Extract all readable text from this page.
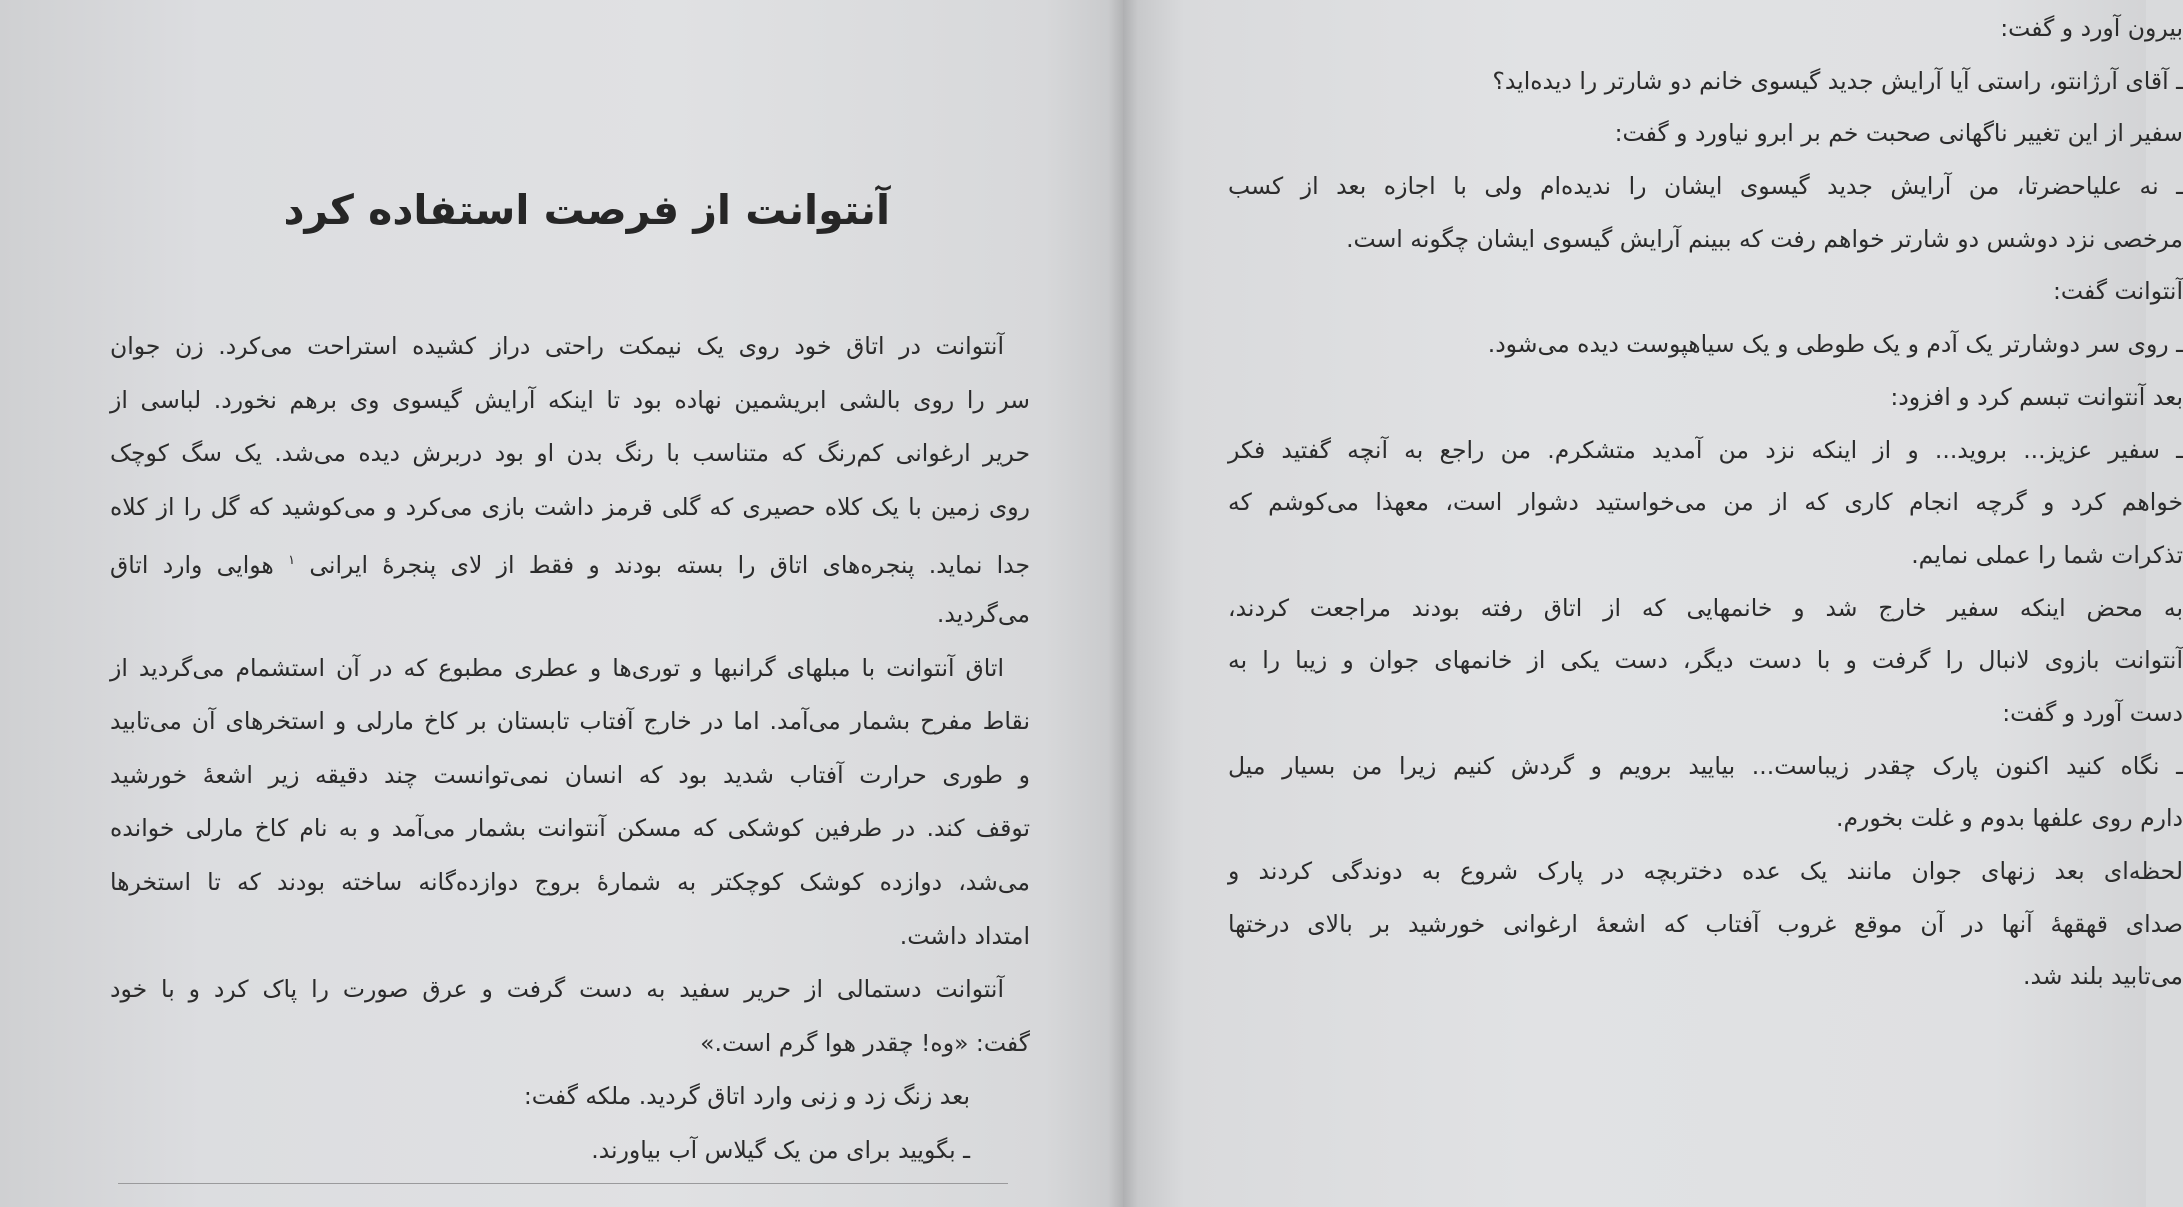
آنتوانت از فرصت استفاده کرد
آنتوانت در اتاق خود روی یک نیمکت راحتی دراز کشیده استراحت می‌کرد. زن جوان
سر را روی بالشی ابریشمین نهاده بود تا اینکه آرایش گیسوی وی برهم نخورد. لباسی از
حریر ارغوانی کم‌رنگ که متناسب با رنگ بدن او بود دربرش دیده می‌شد. یک سگ کوچک
روی زمین با یک کلاه حصیری که گلی قرمز داشت بازی می‌کرد و می‌کوشید که گل را از کلاه
جدا نماید. پنجره‌های اتاق را بسته بودند و فقط از لای پنجرهٔ ایرانی $^۱$ هوایی وارد اتاق
می‌گردید.
اتاق آنتوانت با مبلهای گرانبها و توری‌ها و عطری مطبوع که در آن استشمام می‌گردید از
نقاط مفرح بشمار می‌آمد. اما در خارج آفتاب تابستان بر کاخ مارلی و استخرهای آن می‌تابید
و طوری حرارت آفتاب شدید بود که انسان نمی‌توانست چند دقیقه زیر اشعهٔ خورشید
توقف کند. در طرفین کوشکی که مسکن آنتوانت بشمار می‌آمد و به نام کاخ مارلی خوانده
می‌شد، دوازده کوشک کوچکتر به شمارهٔ بروج دوازده‌گانه ساخته بودند که تا استخرها
امتداد داشت.
آنتوانت دستمالی از حریر سفید به دست گرفت و عرق صورت را پاک کرد و با خود
گفت: «وه! چقدر هوا گرم است.»
بعد زنگ زد و زنی وارد اتاق گردید. ملکه گفت:
ـ بگویید برای من یک گیلاس آب بیاورند.
بیرون آورد و گفت:
ـ آقای آرژانتو، راستی آیا آرایش جدید گیسوی خانم دو شارتر را دیده‌اید؟
سفیر از این تغییر ناگهانی صحبت خم بر ابرو نیاورد و گفت:
ـ نه علیاحضرتا، من آرایش جدید گیسوی ایشان را ندیده‌ام ولی با اجازه بعد از کسب
مرخصی نزد دوشس دو شارتر خواهم رفت که ببینم آرایش گیسوی ایشان چگونه است.
آنتوانت گفت:
ـ روی سر دوشارتر یک آدم و یک طوطی و یک سیاهپوست دیده می‌شود.
بعد آنتوانت تبسم کرد و افزود:
ـ سفیر عزیز... بروید... و از اینکه نزد من آمدید متشکرم. من راجع به آنچه گفتید فکر
خواهم کرد و گرچه انجام کاری که از من می‌خواستید دشوار است، معهذا می‌کوشم که
تذکرات شما را عملی نمایم.
به محض اینکه سفیر خارج شد و خانمهایی که از اتاق رفته بودند مراجعت کردند،
آنتوانت بازوی لانبال را گرفت و با دست دیگر، دست یکی از خانمهای جوان و زیبا را به
دست آورد و گفت:
ـ نگاه کنید اکنون پارک چقدر زیباست... بیایید برویم و گردش کنیم زیرا من بسیار میل
دارم روی علفها بدوم و غلت بخورم.
لحظه‌ای بعد زنهای جوان مانند یک عده دختربچه در پارک شروع به دوندگی کردند و
صدای قهقههٔ آنها در آن موقع غروب آفتاب که اشعهٔ ارغوانی خورشید بر بالای درختها
می‌تابید بلند شد.
